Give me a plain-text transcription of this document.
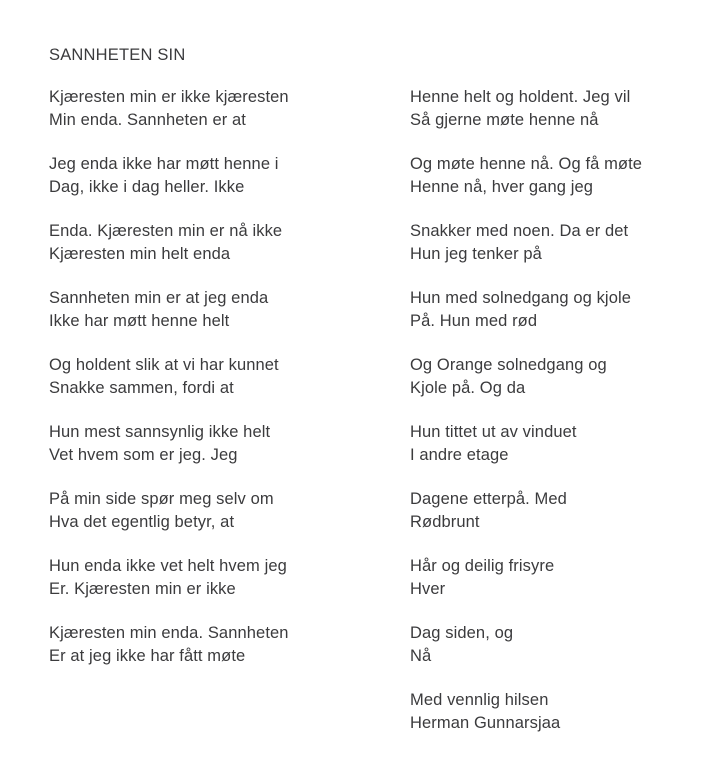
SANNHETEN SIN
Kjæresten min er ikke kjæresten
Min enda. Sannheten er at
Jeg enda ikke har møtt henne i
Dag, ikke i dag heller. Ikke
Enda. Kjæresten min er nå ikke
Kjæresten min helt enda
Sannheten min er at jeg enda
Ikke har møtt henne helt
Og holdent slik at vi har kunnet
Snakke sammen, fordi at
Hun mest sannsynlig ikke helt
Vet hvem som er jeg. Jeg
På min side spør meg selv om
Hva det egentlig betyr, at
Hun enda ikke vet helt hvem jeg
Er. Kjæresten min er ikke
Kjæresten min enda. Sannheten
Er at jeg ikke har fått møte
Henne helt og holdent. Jeg vil
Så gjerne møte henne nå
Og møte henne nå. Og få møte
Henne nå, hver gang jeg
Snakker med noen. Da er det
Hun jeg tenker på
Hun med solnedgang og kjole
På. Hun med rød
Og Orange solnedgang og
Kjole på. Og da
Hun tittet ut av vinduet
I andre etage
Dagene etterpå. Med
Rødbrunt
Hår og deilig frisyre
Hver
Dag siden, og
Nå
Med vennlig hilsen
Herman Gunnarsjaa
